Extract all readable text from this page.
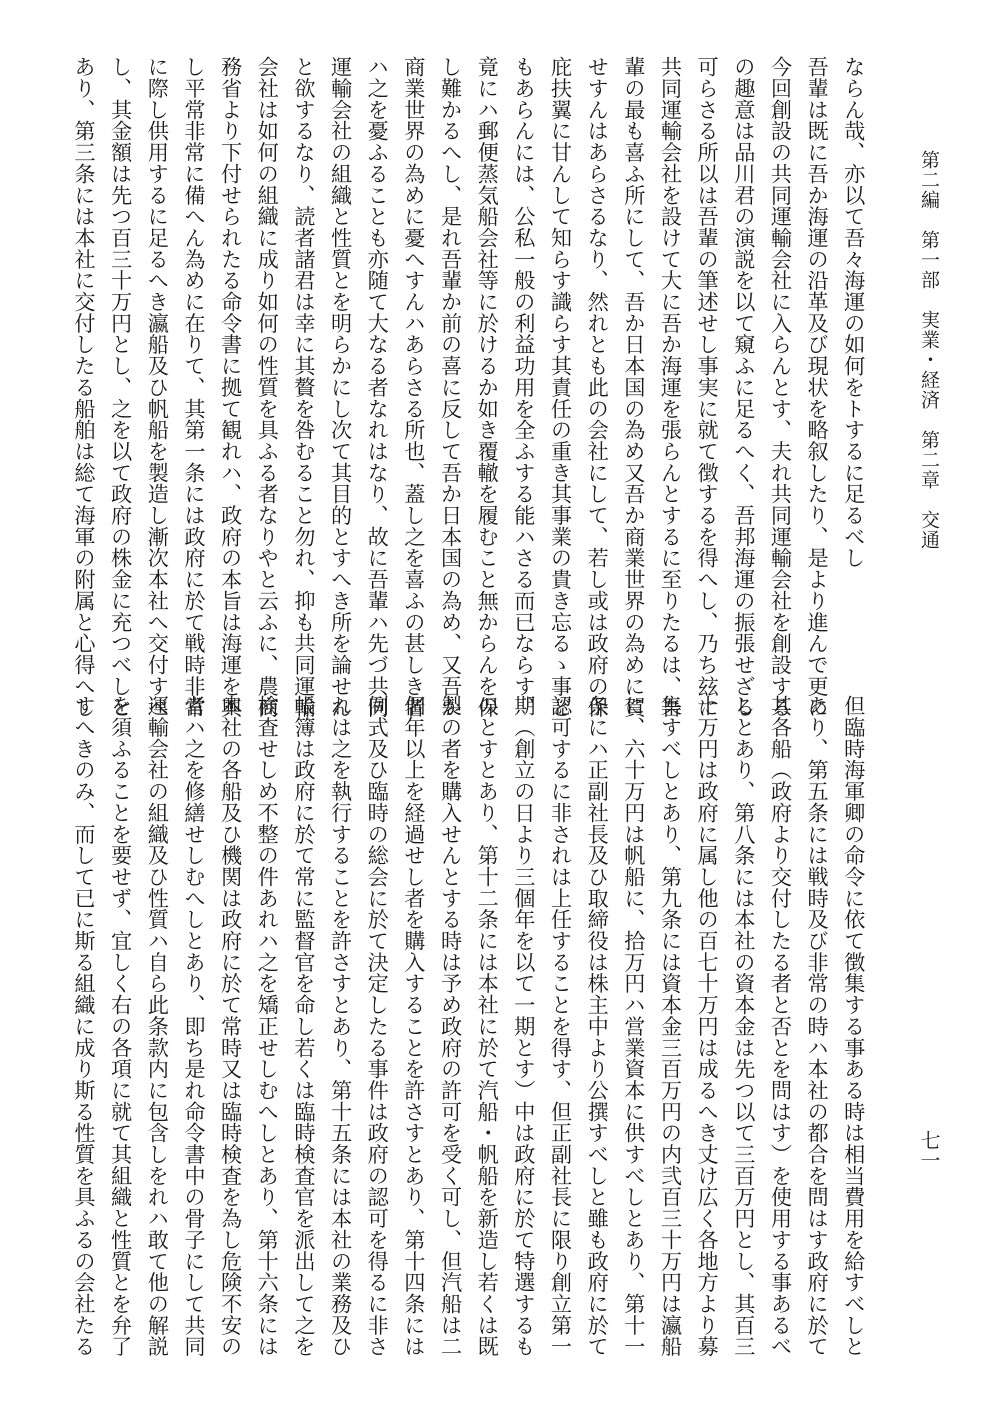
第二編　第一部　実業・経済　第二章　交通
七一
ならん哉、亦以て吾々海運の如何をトするに足るべし
吾輩は既に吾か海運の沿革及び現状を略叙したり、是より進んで更に
今回創設の共同運輸会社に入らんとす、夫れ共同運輸会社を創設する
の趣意は品川君の演説を以て窺ふに足るへく、吾邦海運の振張せざる
可らさる所以は吾輩の筆述せし事実に就て徴するを得へし、乃ち玆に
共同運輸会社を設けて大に吾か海運を張らんとするに至りたるは、吾
輩の最も喜ふ所にして、吾か日本国の為め又吾か商業世界の為めに賀
せすんはあらさるなり、然れとも此の会社にして、若し或は政府の保
庇扶翼に甘んして知らす識らす其責任の重き其事業の貴き忘るゝ事ど
もあらんには、公私一般の利益功用を全ふする能ハさる而已ならす、
竟にハ郵便蒸気船会社等に於けるか如き覆轍を履むこと無からんを保
し難かるへし、是れ吾輩か前の喜に反して吾か日本国の為め、又吾か
商業世界の為めに憂へすんハあらさる所也、蓋し之を喜ふの甚しき者
ハ之を憂ふることも亦随て大なる者なれはなり、故に吾輩ハ先づ共同
運輸会社の組織と性質とを明らかにし次て其目的とすへき所を論せん
と欲するなり、読者諸君は幸に其贅を咎むること勿れ、抑も共同運輸
会社は如何の組織に成り如何の性質を具ふる者なりやと云ふに、農商
務省より下付せられたる命令書に拠て観れハ、政府の本旨は海運を興
し平常非常に備へん為めに在りて、其第一条には政府に於て戦時非常
に際し供用するに足るへき瀛船及ひ帆船を製造し漸次本社へ交付すべ
し、其金額は先つ百三十万円とし、之を以て政府の株金に充つべしと
あり、第三条には本社に交付したる船舶は総て海軍の附属と心得へし
但臨時海軍卿の命令に依て徴集する事ある時は相当費用を給すべしと
あり、第五条には戦時及び非常の時ハ本社の都合を問はす政府に於て
其各船（政府より交付したる者と否とを問はす）を使用する事あるべ
しとあり、第八条には本社の資本金は先つ以て三百万円とし、其百三
十万円は政府に属し他の百七十万円は成るへき丈け広く各地方より募
集すべしとあり、第九条には資本金三百万円の内弐百三十万円は瀛船
に、六十万円は帆船に、拾万円ハ営業資本に供すべしとあり、第十一
条にハ正副社長及ひ取締役は株主中より公撰すべしと雖も政府に於て
認可するに非されは上任することを得す、但正副社長に限り創立第一
期（創立の日より三個年を以て一期とす）中は政府に於て特選するも
のとすとあり、第十二条には本社に於て汽船・帆船を新造し若くは既
製の者を購入せんとする時は予め政府の許可を受く可し、但汽船は二
個年以上を経過せし者を購入することを許さすとあり、第十四条には
例式及ひ臨時の総会に於て決定したる事件は政府の認可を得るに非さ
れは之を執行することを許さすとあり、第十五条には本社の業務及ひ
帳簿は政府に於て常に監督官を命し若くは臨時検査官を派出して之を
検査せしめ不整の件あれハ之を矯正せしむへしとあり、第十六条には
本社の各船及ひ機関は政府に於て常時又は臨時検査を為し危険不安の
者ハ之を修繕せしむへしとあり、即ち是れ命令書中の骨子にして共同
運輸会社の組織及ひ性質ハ自ら此条款内に包含しをれハ敢て他の解説
を須ふることを要せず、宜しく右の各項に就て其組織と性質とを弁了
すへきのみ、而して已に斯る組織に成り斯る性質を具ふるの会社たる
